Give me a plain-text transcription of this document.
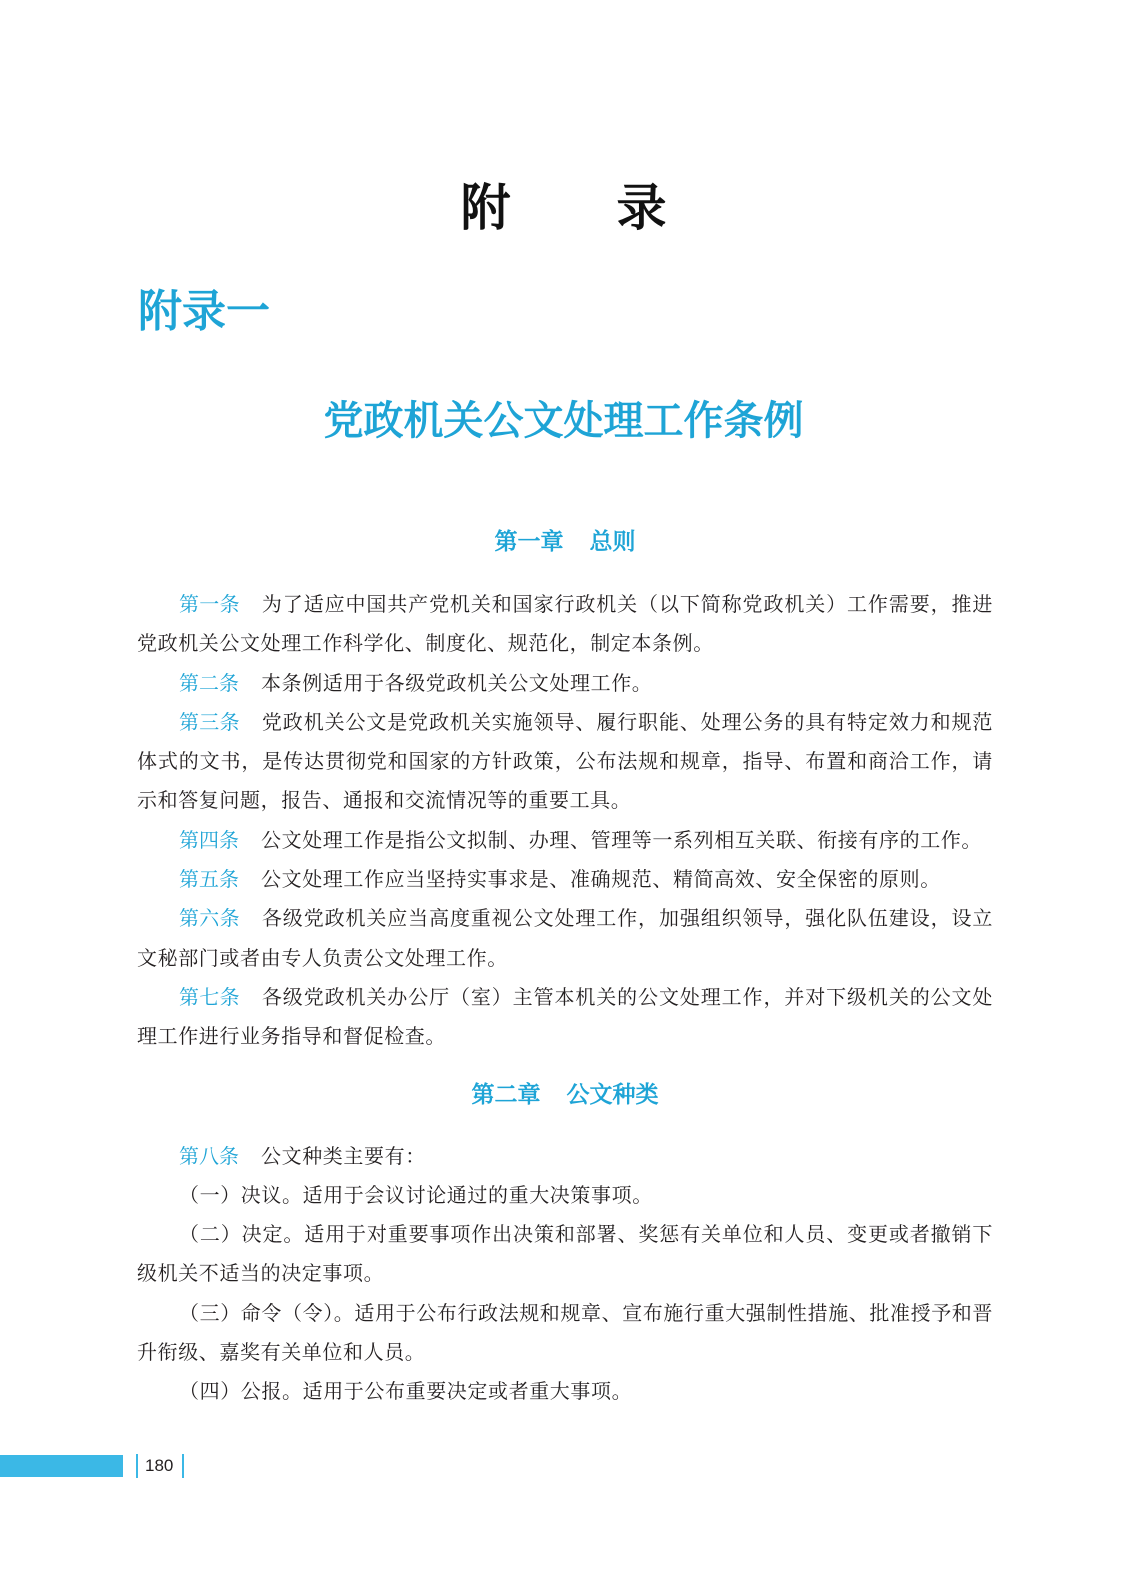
附录
附录一
党政机关公文处理工作条例
第一章 总则

第一条 为了适应中国共产党机关和国家行政机关（以下简称党政机关）工作需要，推进党政机关公文处理工作科学化、制度化、规范化，制定本条例。

第二条 本条例适用于各级党政机关公文处理工作。

第三条 党政机关公文是党政机关实施领导、履行职能、处理公务的具有特定效力和规范体式的文书，是传达贯彻党和国家的方针政策，公布法规和规章，指导、布置和商洽工作，请示和答复问题，报告、通报和交流情况等的重要工具。

第四条 公文处理工作是指公文拟制、办理、管理等一系列相互关联、衔接有序的工作。

第五条 公文处理工作应当坚持实事求是、准确规范、精简高效、安全保密的原则。

第六条 各级党政机关应当高度重视公文处理工作，加强组织领导，强化队伍建设，设立文秘部门或者由专人负责公文处理工作。

第七条 各级党政机关办公厅（室）主管本机关的公文处理工作，并对下级机关的公文处理工作进行业务指导和督促检查。

第二章 公文种类

第八条 公文种类主要有：

（一）决议。适用于会议讨论通过的重大决策事项。

（二）决定。适用于对重要事项作出决策和部署、奖惩有关单位和人员、变更或者撤销下级机关不适当的决定事项。

（三）命令（令）。适用于公布行政法规和规章、宣布施行重大强制性措施、批准授予和晋升衔级、嘉奖有关单位和人员。

（四）公报。适用于公布重要决定或者重大事项。

180
